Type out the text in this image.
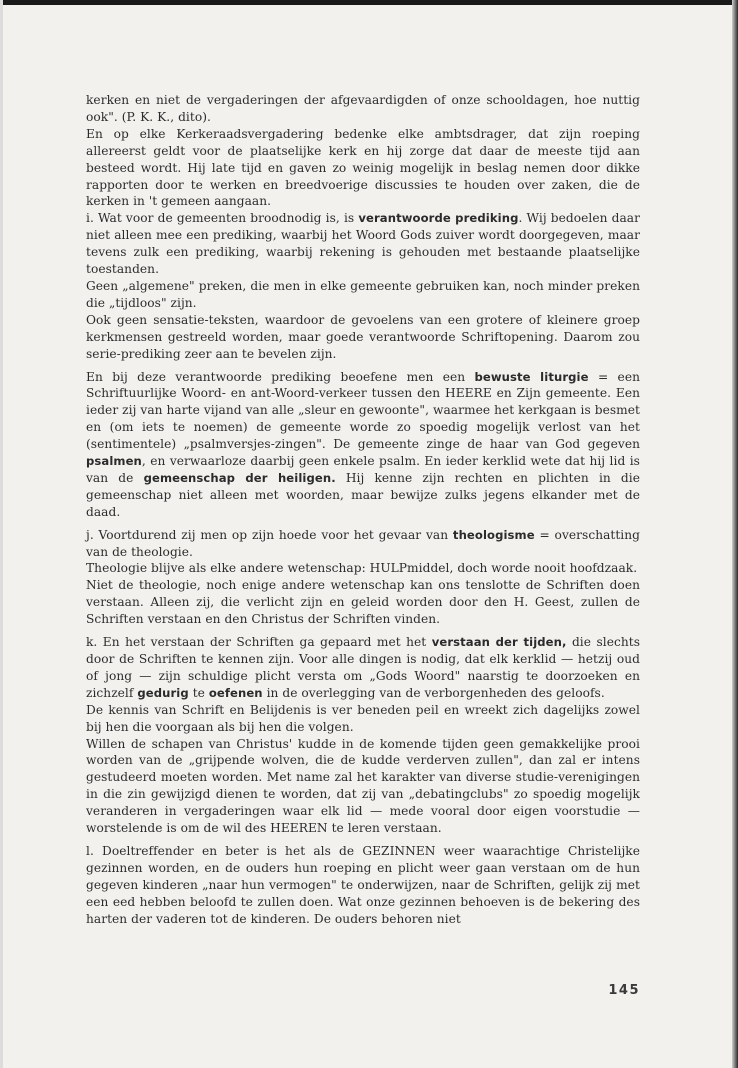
kerken en niet de vergaderingen der afgevaardigden of onze schooldagen, hoe nuttig ook". (P. K. K., dito).

En op elke Kerkeraadsvergadering bedenke elke ambtsdrager, dat zijn roeping allereerst geldt voor de plaatselijke kerk en hij zorge dat daar de meeste tijd aan besteed wordt. Hij late tijd en gaven zo weinig mogelijk in beslag nemen door dikke rapporten door te werken en breedvoerige discussies te houden over zaken, die de kerken in 't gemeen aangaan.

i. Wat voor de gemeenten broodnodig is, is verantwoorde prediking. Wij bedoelen daar niet alleen mee een prediking, waarbij het Woord Gods zuiver wordt doorgegeven, maar tevens zulk een prediking, waarbij rekening is gehouden met bestaande plaatselijke toestanden.

Geen „algemene" preken, die men in elke gemeente gebruiken kan, noch minder preken die „tijdloos" zijn.

Ook geen sensatie-teksten, waardoor de gevoelens van een grotere of kleinere groep kerkmensen gestreeld worden, maar goede verantwoorde Schriftopening. Daarom zou serie-prediking zeer aan te bevelen zijn.

En bij deze verantwoorde prediking beoefene men een bewuste liturgie = een Schriftuurlijke Woord- en ant-Woord-verkeer tussen den HEERE en Zijn gemeente. Een ieder zij van harte vijand van alle „sleur en gewoonte", waarmee het kerkgaan is besmet en (om iets te noemen) de gemeente worde zo spoedig mogelijk verlost van het (sentimentele) „psalmversjes-zingen". De gemeente zinge de haar van God gegeven psalmen, en verwaarloze daarbij geen enkele psalm. En ieder kerklid wete dat hij lid is van de gemeenschap der heiligen. Hij kenne zijn rechten en plichten in die gemeenschap niet alleen met woorden, maar bewijze zulks jegens elkander met de daad.

j. Voortdurend zij men op zijn hoede voor het gevaar van theologisme = overschatting van de theologie.

Theologie blijve als elke andere wetenschap: HULPmiddel, doch worde nooit hoofdzaak.

Niet de theologie, noch enige andere wetenschap kan ons tenslotte de Schriften doen verstaan. Alleen zij, die verlicht zijn en geleid worden door den H. Geest, zullen de Schriften verstaan en den Christus der Schriften vinden.

k. En het verstaan der Schriften ga gepaard met het verstaan der tijden, die slechts door de Schriften te kennen zijn. Voor alle dingen is nodig, dat elk kerklid — hetzij oud of jong — zijn schuldige plicht versta om „Gods Woord" naarstig te doorzoeken en zichzelf gedurig te oefenen in de overlegging van de verborgenheden des geloofs.

De kennis van Schrift en Belijdenis is ver beneden peil en wreekt zich dagelijks zowel bij hen die voorgaan als bij hen die volgen.

Willen de schapen van Christus' kudde in de komende tijden geen gemakkelijke prooi worden van de „grijpende wolven, die de kudde verderven zullen", dan zal er intens gestudeerd moeten worden. Met name zal het karakter van diverse studie-verenigingen in die zin gewijzigd dienen te worden, dat zij van „debatingclubs" zo spoedig mogelijk veranderen in vergaderingen waar elk lid — mede vooral door eigen voorstudie — worstelende is om de wil des HEEREN te leren verstaan.

l. Doeltreffender en beter is het als de GEZINNEN weer waarachtige Christelijke gezinnen worden, en de ouders hun roeping en plicht weer gaan verstaan om de hun gegeven kinderen „naar hun vermogen" te onderwijzen, naar de Schriften, gelijk zij met een eed hebben beloofd te zullen doen. Wat onze gezinnen behoeven is de bekering des harten der vaderen tot de kinderen. De ouders behoren niet

145
